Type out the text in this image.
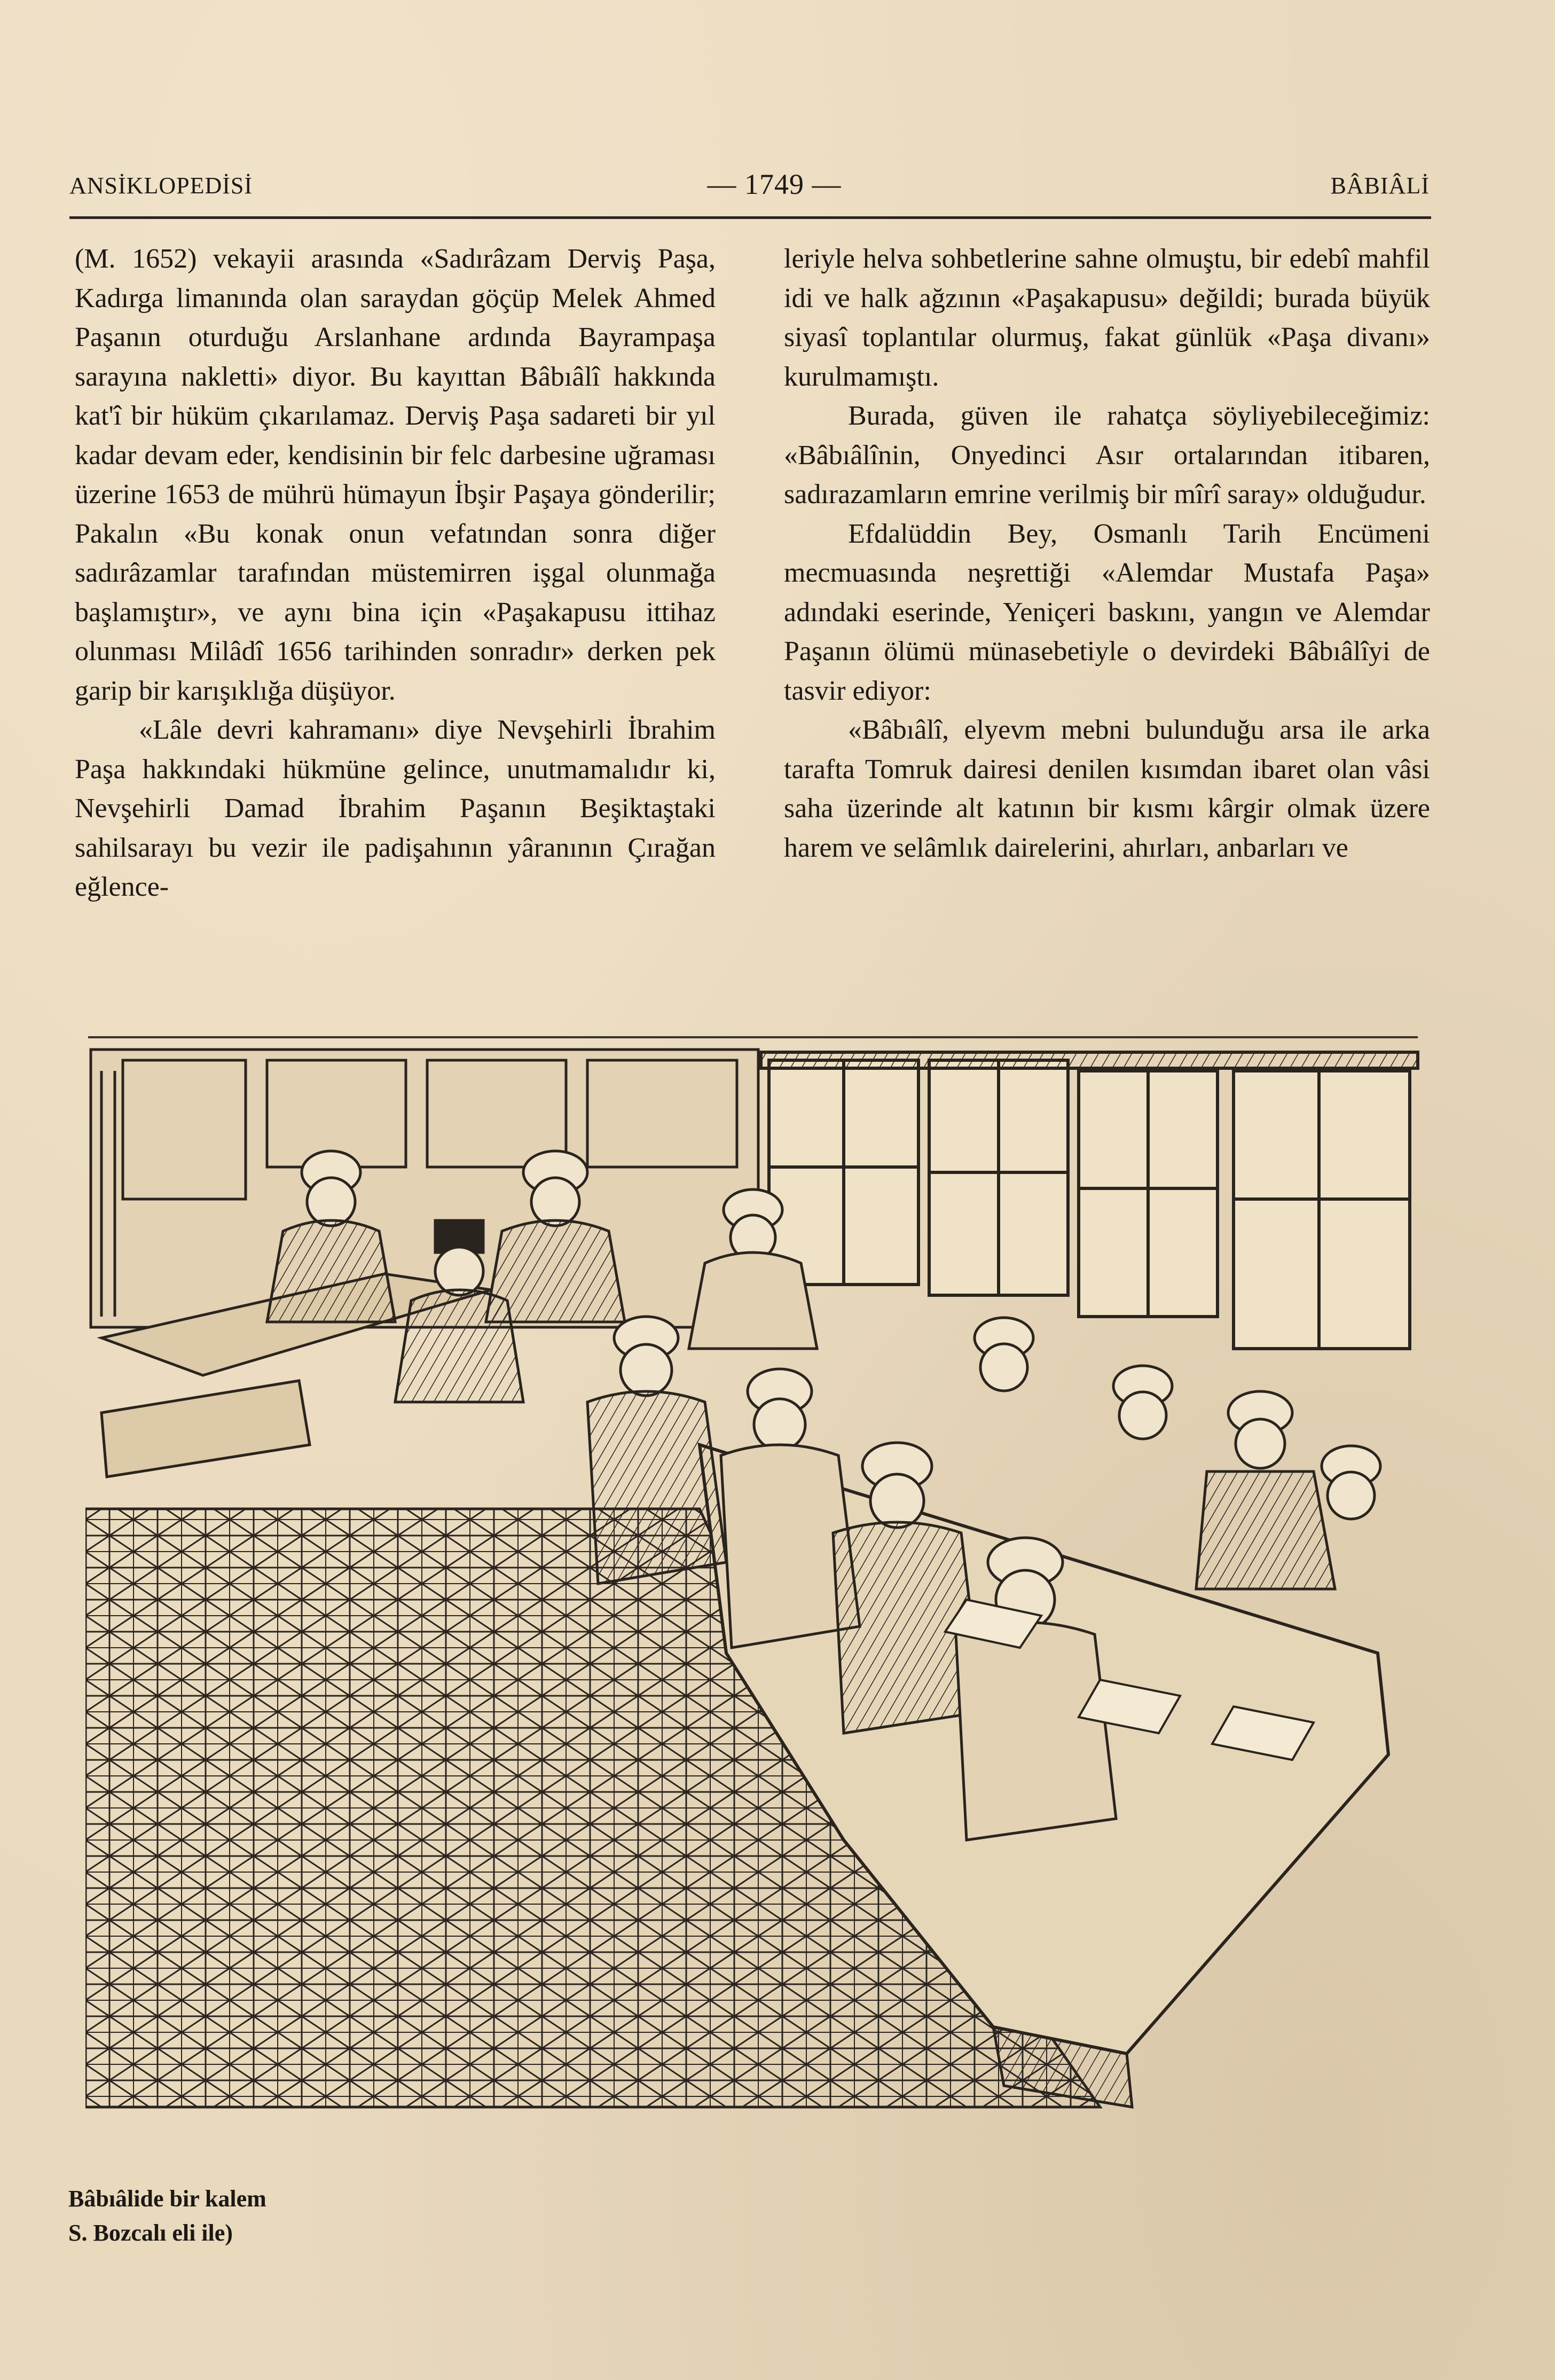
ANSİKLOPEDİSİ	— 1749 —	BÂBIÂLİ

(M. 1652) vekayii arasında «Sadırâzam Derviş Paşa, Kadırga limanında olan saraydan göçüp Melek Ahmed Paşanın oturduğu Arslanhane ardında Bayrampaşa sarayına nakletti» diyor. Bu kayıttan Bâbıâlî hakkında kat'î bir hüküm çıkarılamaz. Derviş Paşa sadareti bir yıl kadar devam eder, kendisinin bir felc darbesine uğraması üzerine 1653 de mührü hümayun İbşir Paşaya gönderilir; Pakalın «Bu konak onun vefatından sonra diğer sadırâzamlar tarafından müstemirren işgal olunmağa başlamıştır», ve aynı bina için «Paşakapusu ittihaz olunması Milâdî 1656 tarihinden sonradır» derken pek garip bir karışıklığa düşüyor.

«Lâle devri kahramanı» diye Nevşehirli İbrahim Paşa hakkındaki hükmüne gelince, unutmamalıdır ki, Nevşehirli Damad İbrahim Paşanın Beşiktaştaki sahilsarayı bu vezir ile padişahının yâranının Çırağan eğlence-

leriyle helva sohbetlerine sahne olmuştu, bir edebî mahfil idi ve halk ağzının «Paşakapusu» değildi; burada büyük siyasî toplantılar olurmuş, fakat günlük «Paşa divanı» kurulmamıştı.

Burada, güven ile rahatça söyliyebileceğimiz: «Bâbıâlînin, Onyedinci Asır ortalarından itibaren, sadırazamların emrine verilmiş bir mîrî saray» olduğudur.

Efdalüddin Bey, Osmanlı Tarih Encümeni mecmuasında neşrettiği «Alemdar Mustafa Paşa» adındaki eserinde, Yeniçeri baskını, yangın ve Alemdar Paşanın ölümü münasebetiyle o devirdeki Bâbıâlîyi de tasvir ediyor:

«Bâbıâlî, elyevm mebni bulunduğu arsa ile arka tarafta Tomruk dairesi denilen kısımdan ibaret olan vâsi saha üzerinde alt katının bir kısmı kârgir olmak üzere harem ve selâmlık dairelerini, ahırları, anbarları ve

Bâbıâlide bir kalem
S. Bozcalı eli ile)
